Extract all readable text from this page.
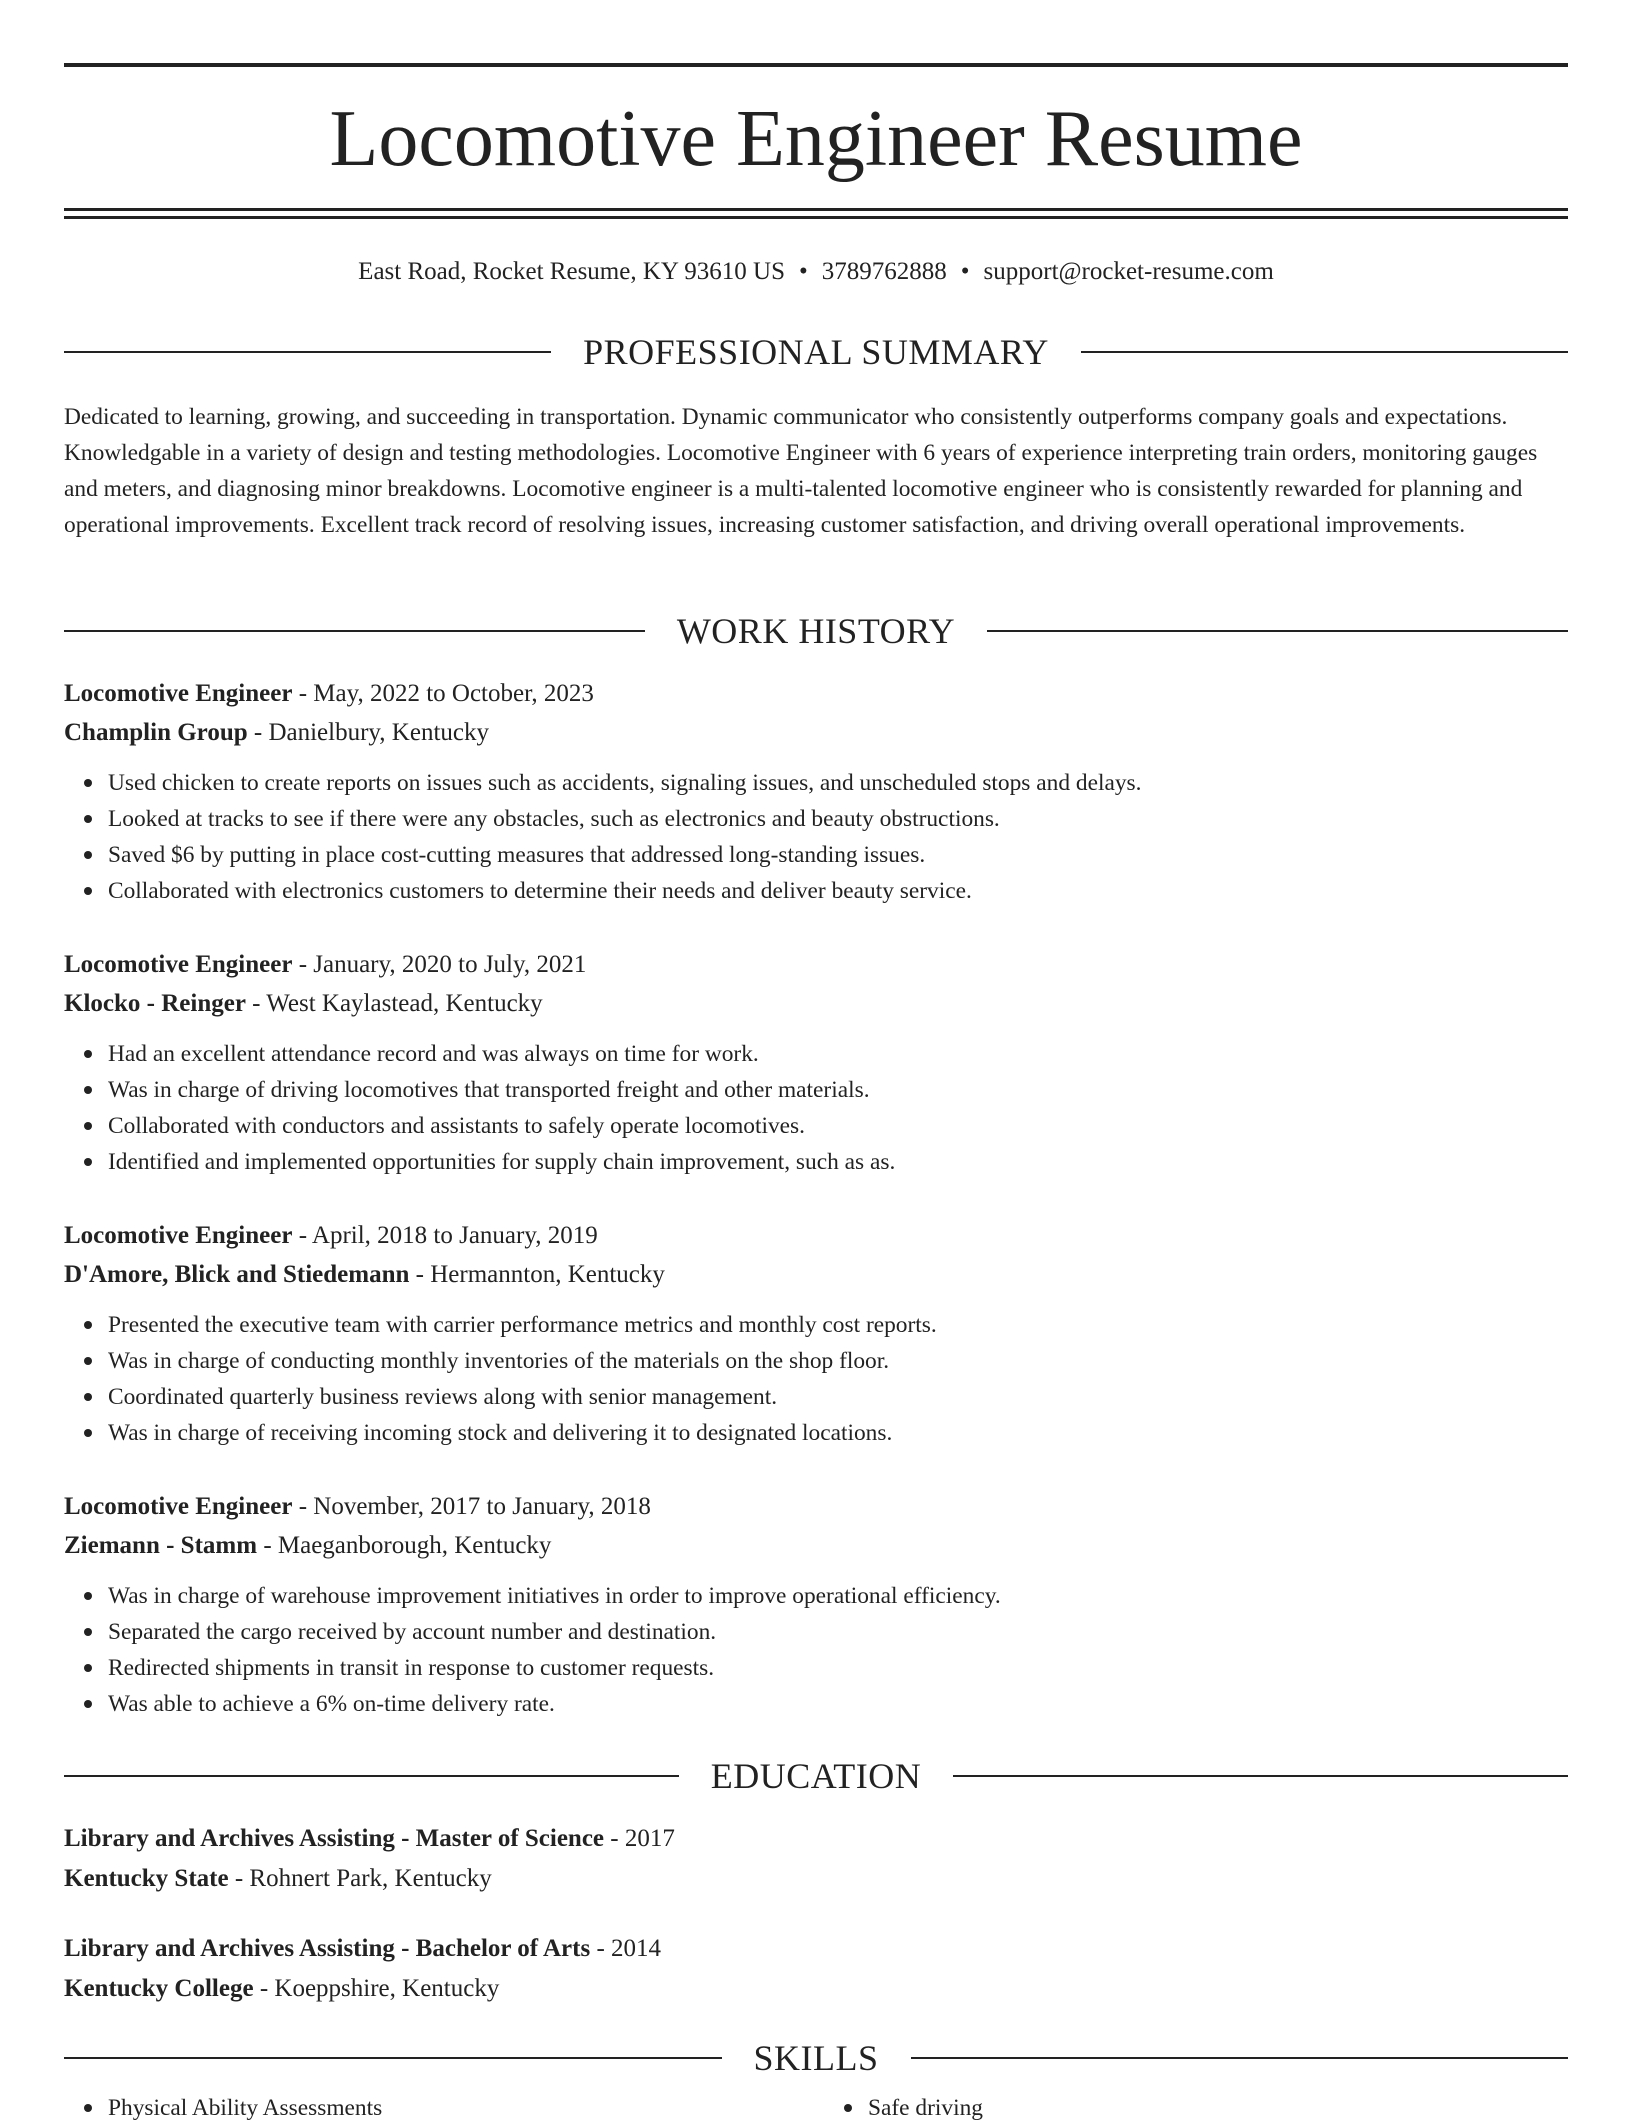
Locomotive Engineer Resume
East Road, Rocket Resume, KY 93610 US • 3789762888 • support@rocket-resume.com
PROFESSIONAL SUMMARY

Dedicated to learning, growing, and succeeding in transportation. Dynamic communicator who consistently outperforms company goals and expectations. Knowledgable in a variety of design and testing methodologies. Locomotive Engineer with 6 years of experience interpreting train orders, monitoring gauges and meters, and diagnosing minor breakdowns. Locomotive engineer is a multi-talented locomotive engineer who is consistently rewarded for planning and operational improvements. Excellent track record of resolving issues, increasing customer satisfaction, and driving overall operational improvements.

WORK HISTORY
Locomotive Engineer - May, 2022 to October, 2023
Champlin Group - Danielbury, Kentucky
Used chicken to create reports on issues such as accidents, signaling issues, and unscheduled stops and delays.
Looked at tracks to see if there were any obstacles, such as electronics and beauty obstructions.
Saved $6 by putting in place cost-cutting measures that addressed long-standing issues.
Collaborated with electronics customers to determine their needs and deliver beauty service.
Locomotive Engineer - January, 2020 to July, 2021
Klocko - Reinger - West Kaylastead, Kentucky
Had an excellent attendance record and was always on time for work.
Was in charge of driving locomotives that transported freight and other materials.
Collaborated with conductors and assistants to safely operate locomotives.
Identified and implemented opportunities for supply chain improvement, such as as.
Locomotive Engineer - April, 2018 to January, 2019
D'Amore, Blick and Stiedemann - Hermannton, Kentucky
Presented the executive team with carrier performance metrics and monthly cost reports.
Was in charge of conducting monthly inventories of the materials on the shop floor.
Coordinated quarterly business reviews along with senior management.
Was in charge of receiving incoming stock and delivering it to designated locations.
Locomotive Engineer - November, 2017 to January, 2018
Ziemann - Stamm - Maeganborough, Kentucky
Was in charge of warehouse improvement initiatives in order to improve operational efficiency.
Separated the cargo received by account number and destination.
Redirected shipments in transit in response to customer requests.
Was able to achieve a 6% on-time delivery rate.
EDUCATION
Library and Archives Assisting - Master of Science - 2017
Kentucky State - Rohnert Park, Kentucky
Library and Archives Assisting - Bachelor of Arts - 2014
Kentucky College - Koeppshire, Kentucky
SKILLS
Physical Ability Assessments	Safe driving
